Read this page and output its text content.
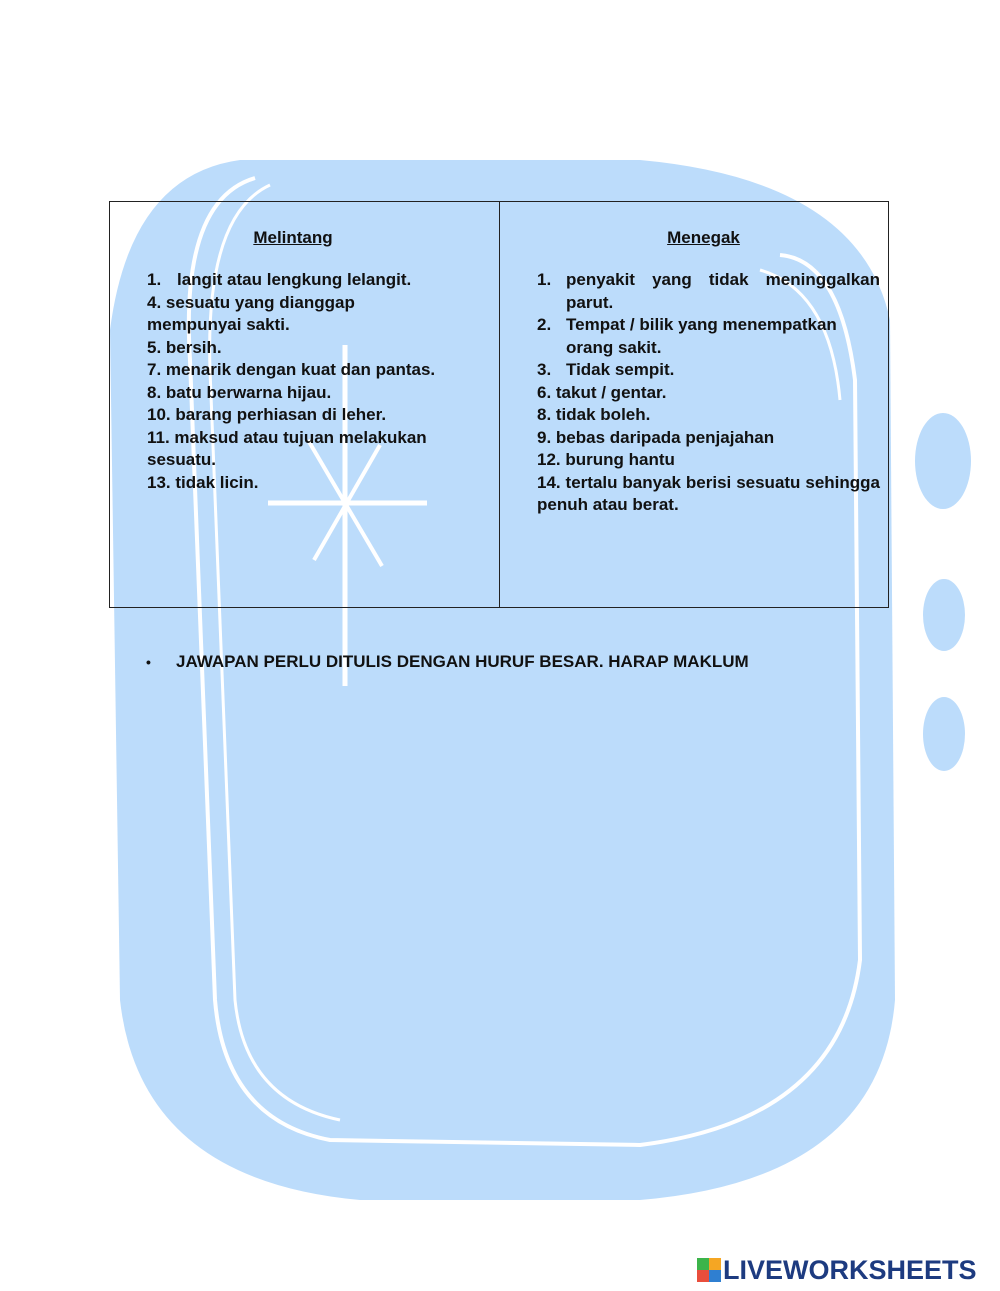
Melintang
1. langit atau lengkung lelangit.
4. sesuatu yang dianggap mempunyai sakti.
5. bersih.
7. menarik dengan kuat dan pantas.
8. batu berwarna hijau.
10. barang perhiasan di leher.
11. maksud atau tujuan melakukan sesuatu.
13. tidak licin.
Menegak
1. penyakit yang tidak meninggalkan parut.
2. Tempat / bilik yang menempatkan orang sakit.
3. Tidak sempit.
6. takut / gentar.
8. tidak boleh.
9. bebas daripada penjajahan
12. burung hantu
14. tertalu banyak berisi sesuatu sehingga penuh atau berat.
•	JAWAPAN PERLU DITULIS DENGAN HURUF BESAR. HARAP MAKLUM
LIVEWORKSHEETS
